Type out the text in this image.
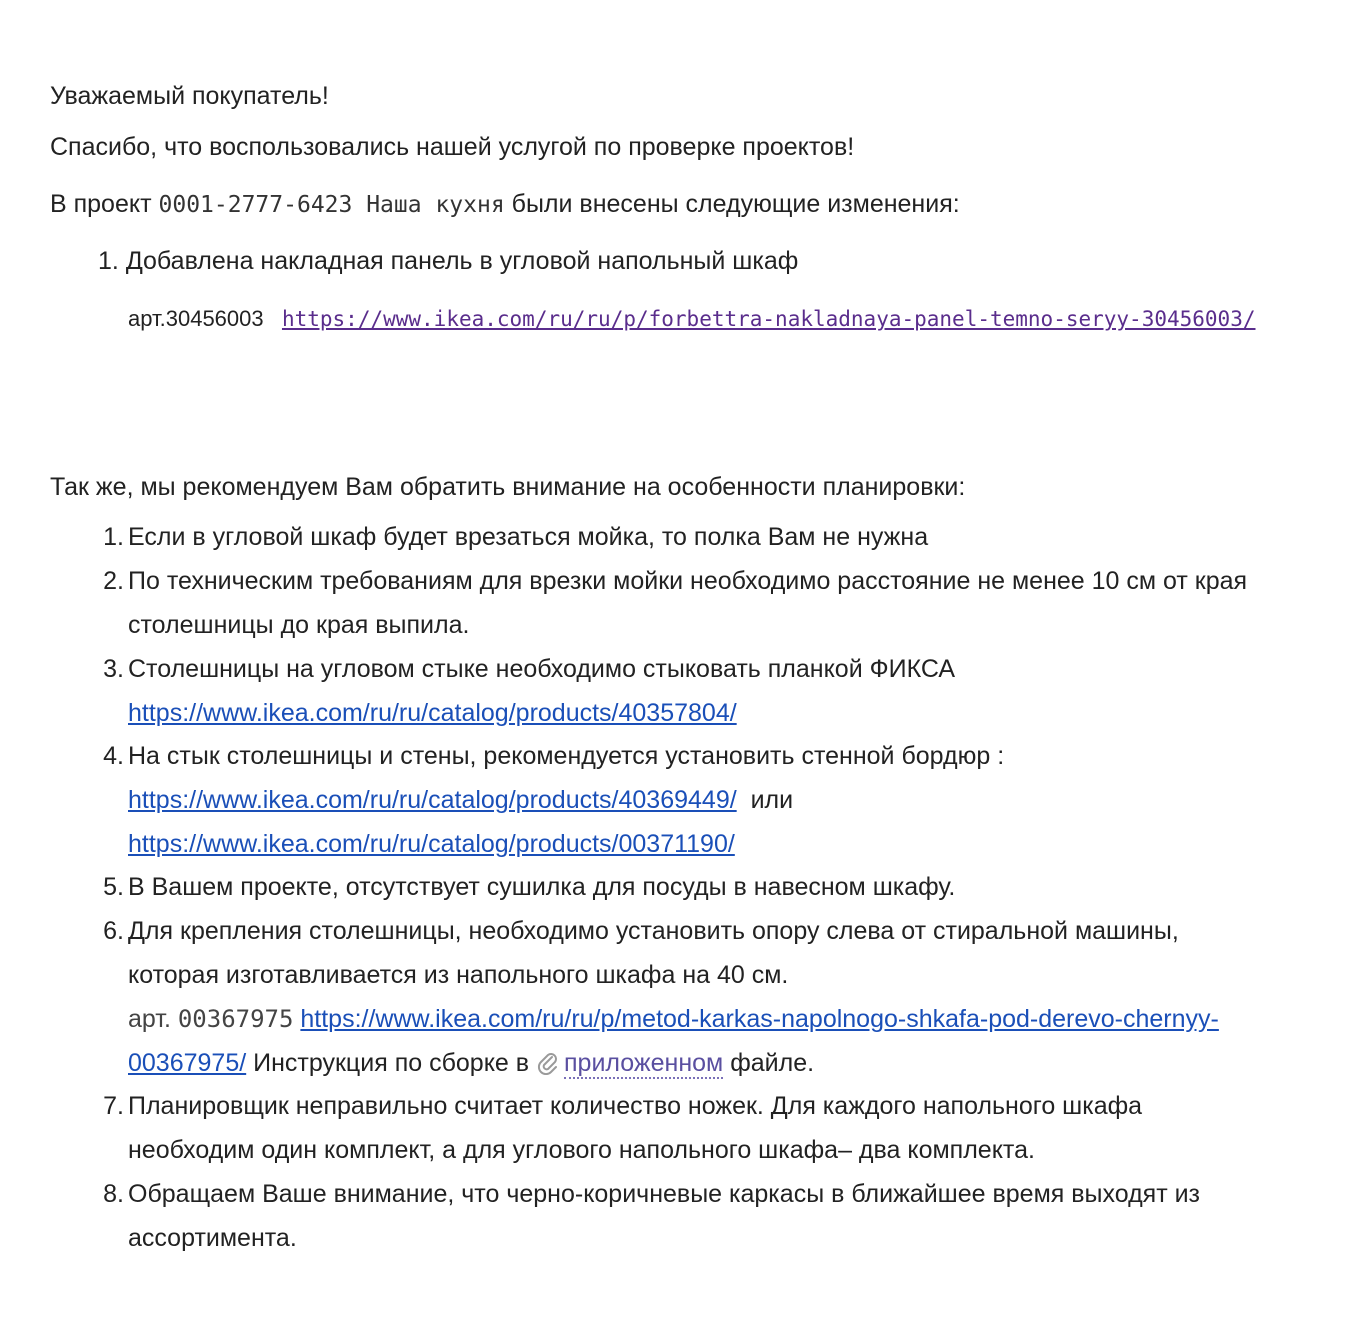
Уважаемый покупатель!
Спасибо, что воспользовались нашей услугой по проверке проектов!
В проект 0001-2777-6423 Наша кухня были внесены следующие изменения:
1. Добавлена накладная панель в угловой напольный шкаф
арт.30456003 https://www.ikea.com/ru/ru/p/forbettra-nakladnaya-panel-temno-seryy-30456003/
Так же, мы рекомендуем Вам обратить внимание на особенности планировки:
1. Если в угловой шкаф будет врезаться мойка, то полка Вам не нужна
2. По техническим требованиям для врезки мойки необходимо расстояние не менее 10 см от края
столешницы до края выпила.
3. Столешницы на угловом стыке необходимо стыковать планкой ФИКСА
https://www.ikea.com/ru/ru/catalog/products/40357804/
4. На стык столешницы и стены, рекомендуется установить стенной бордюр :
https://www.ikea.com/ru/ru/catalog/products/40369449/ или
https://www.ikea.com/ru/ru/catalog/products/00371190/
5. В Вашем проекте, отсутствует сушилка для посуды в навесном шкафу.
6. Для крепления столешницы, необходимо установить опору слева от стиральной машины,
которая изготавливается из напольного шкафа на 40 см.
арт. 00367975 https://www.ikea.com/ru/ru/p/metod-karkas-napolnogo-shkafa-pod-derevo-chernyy-
00367975/ Инструкция по сборке в приложенном файле.
7. Планировщик неправильно считает количество ножек. Для каждого напольного шкафа
необходим один комплект, а для углового напольного шкафа– два комплекта.
8. Обращаем Ваше внимание, что черно-коричневые каркасы в ближайшее время выходят из
ассортимента.
